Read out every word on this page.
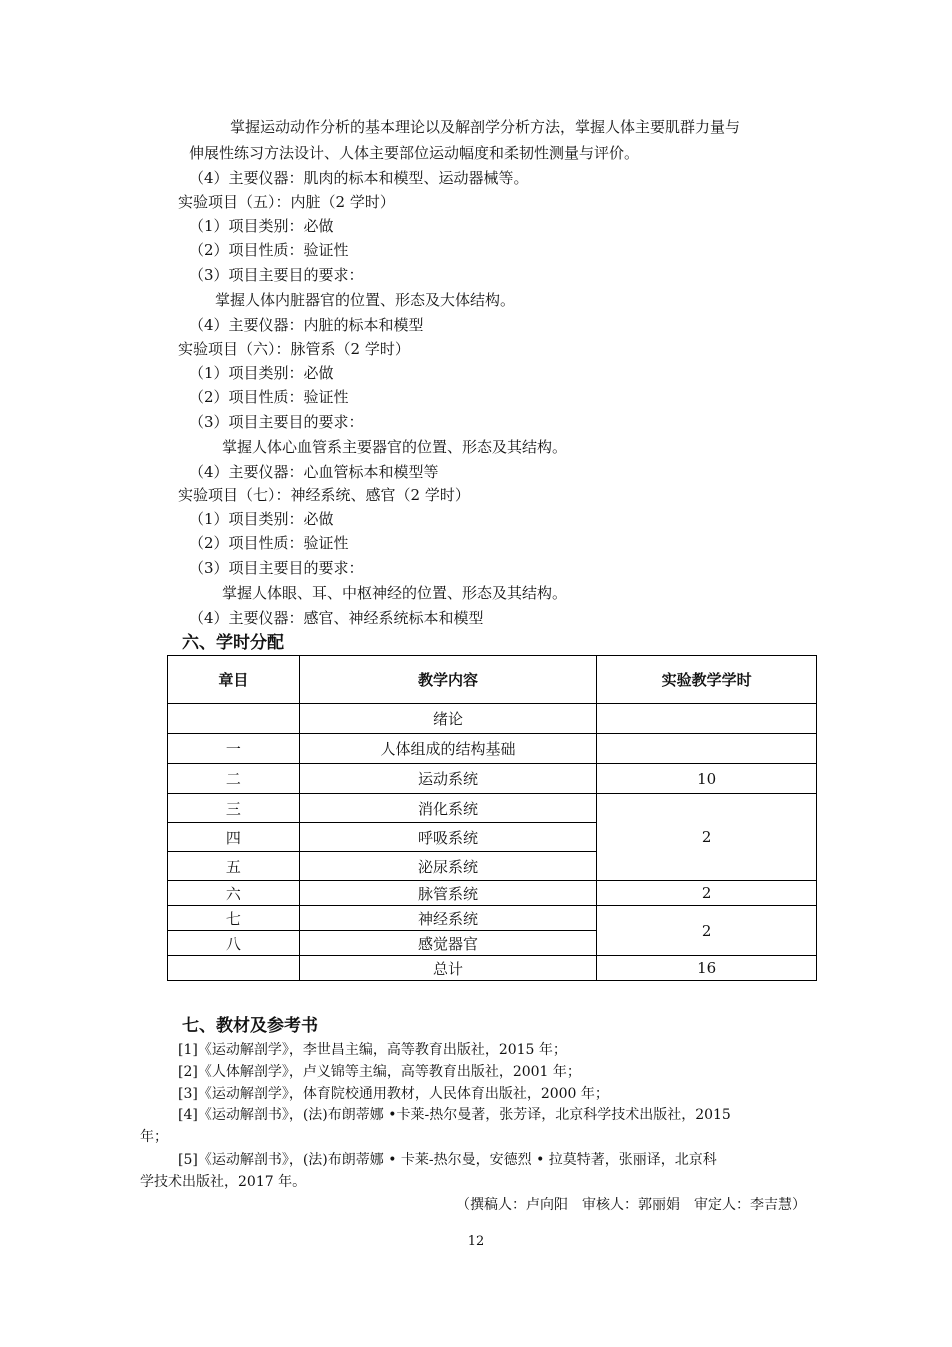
掌握运动动作分析的基本理论以及解剖学分析方法，掌握人体主要肌群力量与
伸展性练习方法设计、人体主要部位运动幅度和柔韧性测量与评价。
（4）主要仪器：肌肉的标本和模型、运动器械等。
实验项目（五）：内脏（2 学时）
（1）项目类别：必做
（2）项目性质：验证性
（3）项目主要目的要求：
掌握人体内脏器官的位置、形态及大体结构。
（4）主要仪器：内脏的标本和模型
实验项目（六）：脉管系（2 学时）
（1）项目类别：必做
（2）项目性质：验证性
（3）项目主要目的要求：
掌握人体心血管系主要器官的位置、形态及其结构。
（4）主要仪器：心血管标本和模型等
实验项目（七）：神经系统、感官（2 学时）
（1）项目类别：必做
（2）项目性质：验证性
（3）项目主要目的要求：
掌握人体眼、耳、中枢神经的位置、形态及其结构。
（4）主要仪器：感官、神经系统标本和模型
六、学时分配
章目	教学内容	实验教学学时
	绪论	
一	人体组成的结构基础	
二	运动系统	10
三	消化系统	2
四	呼吸系统	
五	泌尿系统	
六	脉管系统	2
七	神经系统	2
八	感觉器官	
	总计	16
七、教材及参考书
[1]《运动解剖学》，李世昌主编，高等教育出版社，2015 年；
[2]《人体解剖学》，卢义锦等主编，高等教育出版社，2001 年；
[3]《运动解剖学》，体育院校通用教材，人民体育出版社，2000 年；
[4]《运动解剖书》，(法)布朗蒂娜 •卡莱-热尔曼著，张芳译，北京科学技术出版社，2015
年；
[5]《运动解剖书》，(法)布朗蒂娜 • 卡莱-热尔曼，安德烈 • 拉莫特著，张丽译，北京科
学技术出版社，2017 年。
（撰稿人：卢向阳　审核人：郭丽娟　审定人：李吉慧）
12
